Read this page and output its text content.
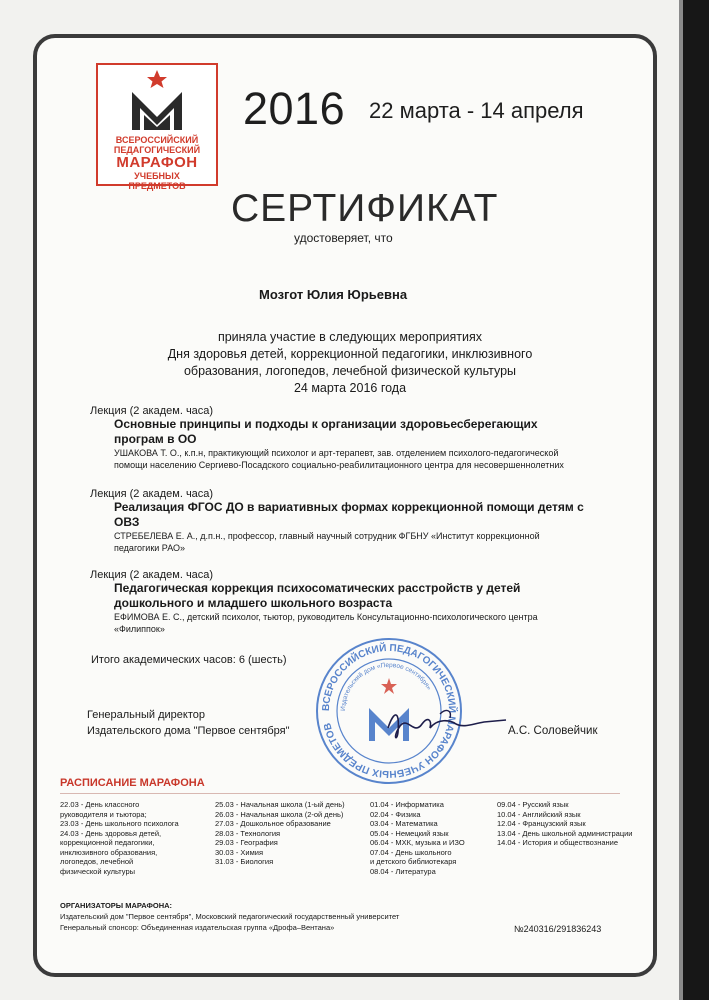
ВСЕРОССИЙСКИЙ
ПЕДАГОГИЧЕСКИЙ
МАРАФОН
УЧЕБНЫХ ПРЕДМЕТОВ
2016 22 марта - 14 апреля
СЕРТИФИКАТ
удостоверяет, что
Мозгот Юлия Юрьевна
приняла участие в следующих мероприятиях
Дня здоровья детей, коррекционной педагогики, инклюзивного
образования, логопедов, лечебной физической культуры
24 марта 2016 года
Лекция (2 академ. часа)
Основные принципы и подходы к организации здоровьесберегающих
програм в ОО
УШАКОВА Т. О., к.п.н, практикующий психолог и арт-терапевт, зав. отделением психолого-педагогической
помощи населению Сергиево-Посадского социально-реабилитационного центра для несовершеннолетних
Лекция (2 академ. часа)
Реализация ФГОС ДО в вариативных формах коррекционной помощи детям с
ОВЗ
СТРЕБЕЛЕВА Е. А., д.п.н., профессор, главный научный сотрудник ФГБНУ «Институт коррекционной
педагогики РАО»
Лекция (2 академ. часа)
Педагогическая коррекция психосоматических расстройств у детей
дошкольного и младшего школьного возраста
ЕФИМОВА Е. С., детский психолог, тьютор, руководитель Консультационно-психологического центра
«Филиппок»
Итого академических часов: 6 (шесть)
ВСЕРОССИЙСКИЙ ПЕДАГОГИЧЕСКИЙ МАРАФОН УЧЕБНЫХ ПРЕДМЕТОВ
Издательский дом «Первое сентября»
Генеральный директор
Издательского дома "Первое сентября"	А.С. Соловейчик
РАСПИСАНИЕ МАРАФОНА
22.03 - День классного
руководителя и тьютора;
23.03 - День школьного психолога
24.03 - День здоровья детей,
коррекционной педагогики,
инклюзивного образования,
логопедов, лечебной
физической культуры
25.03 - Начальная школа (1-ый день)
26.03 - Начальная школа (2-ой день)
27.03 - Дошкольное образование
28.03 - Технология
29.03 - География
30.03 - Химия
31.03 - Биология
01.04 - Информатика
02.04 - Физика
03.04 - Математика
05.04 - Немецкий язык
06.04 - МХК, музыка и ИЗО
07.04 - День школьного
и детского библиотекаря
08.04 - Литература
09.04 - Русский язык
10.04 - Английский язык
12.04 - Французский язык
13.04 - День школьной администрации
14.04 - История и обществознание
ОРГАНИЗАТОРЫ МАРАФОНА:
Издательский дом "Первое сентября", Московский педагогический государственный университет
Генеральный спонсор: Объединенная издательская группа «Дрофа–Вентана»	№240316/291836243
